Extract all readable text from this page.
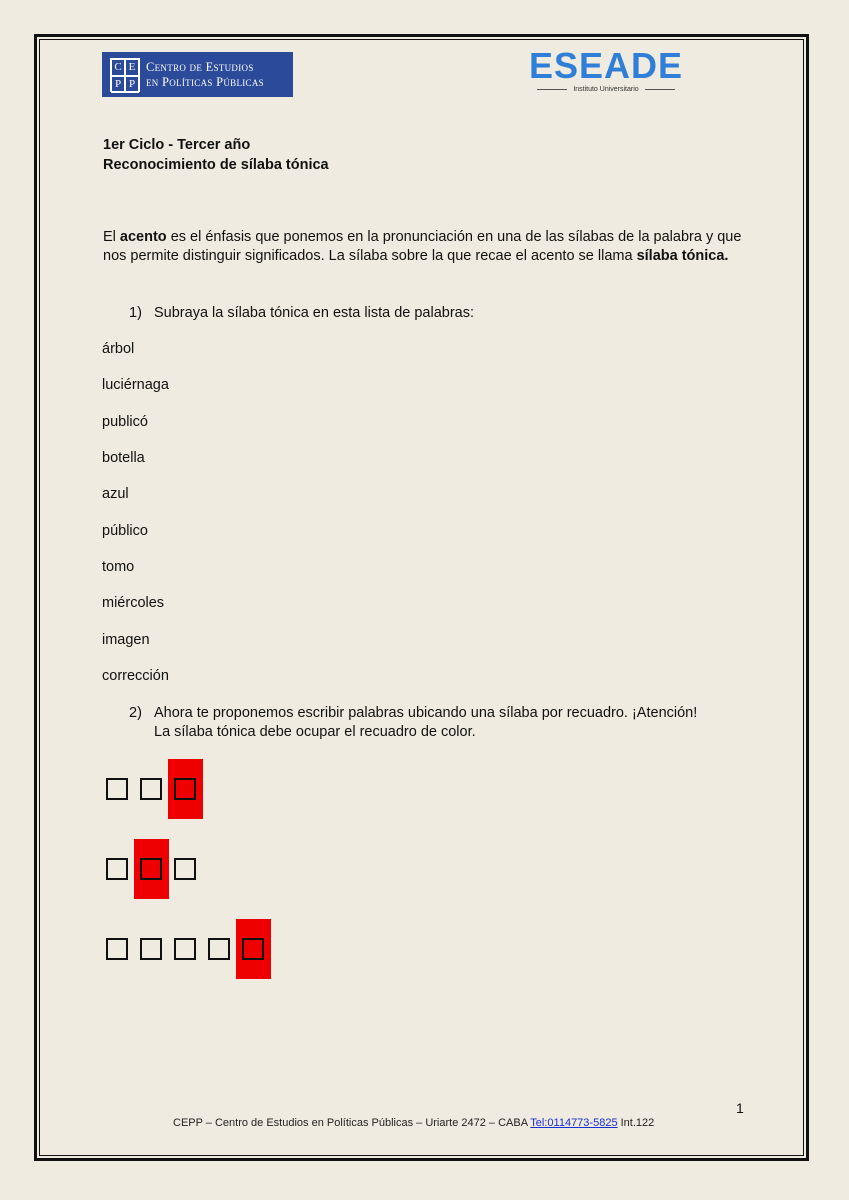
C E
P P
Centro de Estudios
en Políticas Públicas	ESEADE
Instituto Universitario
1er Ciclo - Tercer año
Reconocimiento de sílaba tónica
El acento es el énfasis que ponemos en la pronunciación en una de las sílabas de la palabra y que nos permite distinguir significados. La sílaba sobre la que recae el acento se llama sílaba tónica.
1) Subraya la sílaba tónica en esta lista de palabras:
árbol
luciérnaga
publicó
botella
azul
público
tomo
miércoles
imagen
corrección
2) Ahora te proponemos escribir palabras ubicando una sílaba por recuadro. ¡Atención!
La sílaba tónica debe ocupar el recuadro de color.
1
CEPP – Centro de Estudios en Políticas Públicas – Uriarte 2472 – CABA Tel:0114773-5825 Int.122
